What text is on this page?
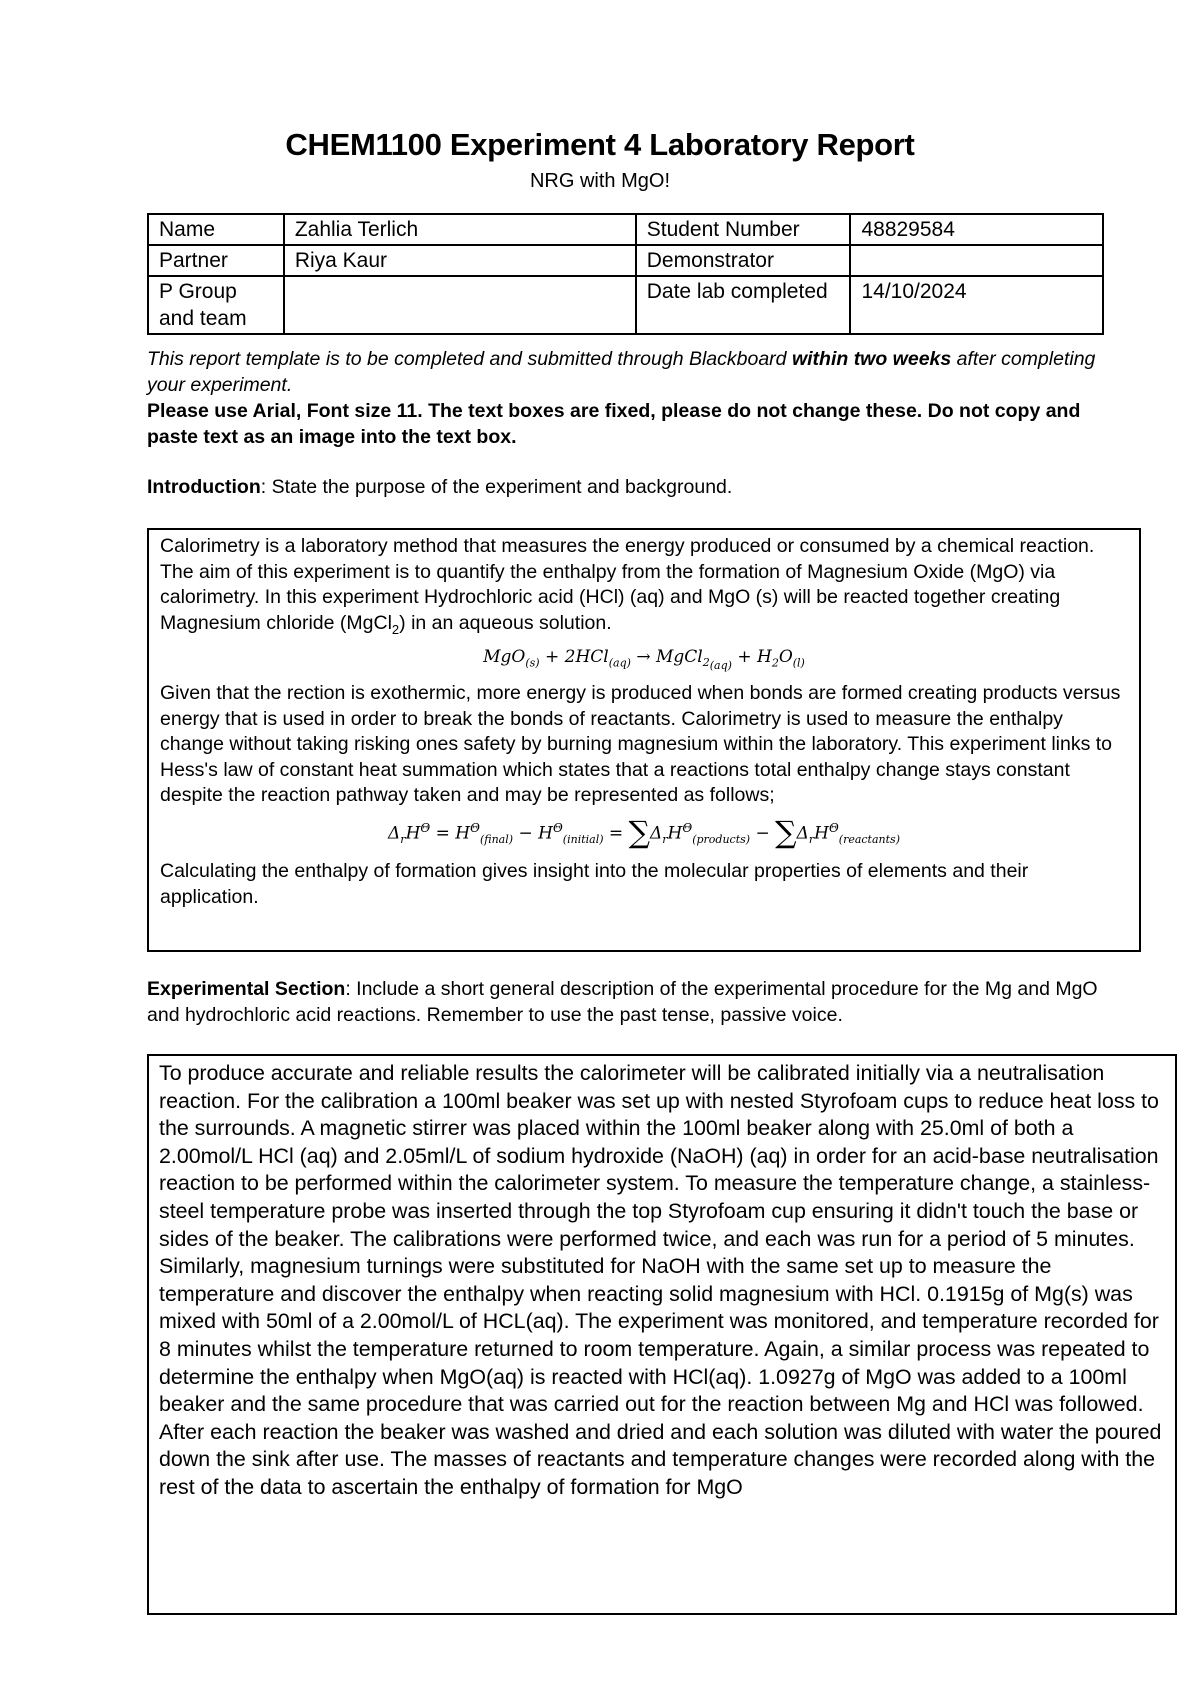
CHEM1100 Experiment 4 Laboratory Report
NRG with MgO!
Name	Zahlia Terlich	Student Number	48829584
Partner	Riya Kaur	Demonstrator	
P Group and team		Date lab completed	14/10/2024

This report template is to be completed and submitted through Blackboard within two weeks after completing your experiment.

Please use Arial, Font size 11. The text boxes are fixed, please do not change these. Do not copy and paste text as an image into the text box.

Introduction: State the purpose of the experiment and background.

Calorimetry is a laboratory method that measures the energy produced or consumed by a chemical reaction. The aim of this experiment is to quantify the enthalpy from the formation of Magnesium Oxide (MgO) via calorimetry. In this experiment Hydrochloric acid (HCl) (aq) and MgO (s) will be reacted together creating Magnesium chloride (MgCl$_2$) in an aqueous solution.

MgO$_{(s)}$ + 2HCl$_{(aq)}$ → MgCl$_{2_{(aq)}}$ + $H_2O_{(l)}$

Given that the rection is exothermic, more energy is produced when bonds are formed creating products versus energy that is used in order to break the bonds of reactants. Calorimetry is used to measure the enthalpy change without taking risking ones safety by burning magnesium within the laboratory. This experiment links to Hess's law of constant heat summation which states that a reactions total enthalpy change stays constant despite the reaction pathway taken and may be represented as follows;

$\Delta_rH^\Theta = H^\Theta_{(final)} - H^\Theta_{(initial)} = \sum\Delta_rH^\Theta_{(products)} - \sum\Delta_rH^\Theta_{(reactants)}$

Calculating the enthalpy of formation gives insight into the molecular properties of elements and their application.

Experimental Section: Include a short general description of the experimental procedure for the Mg and MgO and hydrochloric acid reactions. Remember to use the past tense, passive voice.

To produce accurate and reliable results the calorimeter will be calibrated initially via a neutralisation reaction. For the calibration a 100ml beaker was set up with nested Styrofoam cups to reduce heat loss to the surrounds. A magnetic stirrer was placed within the 100ml beaker along with 25.0ml of both a 2.00mol/L HCl (aq) and 2.05ml/L of sodium hydroxide (NaOH) (aq) in order for an acid-base neutralisation reaction to be performed within the calorimeter system. To measure the temperature change, a stainless-steel temperature probe was inserted through the top Styrofoam cup ensuring it didn't touch the base or sides of the beaker. The calibrations were performed twice, and each was run for a period of 5 minutes. Similarly, magnesium turnings were substituted for NaOH with the same set up to measure the temperature and discover the enthalpy when reacting solid magnesium with HCl. 0.1915g of Mg(s) was mixed with 50ml of a 2.00mol/L of HCL(aq). The experiment was monitored, and temperature recorded for 8 minutes whilst the temperature returned to room temperature. Again, a similar process was repeated to determine the enthalpy when MgO(aq) is reacted with HCl(aq). 1.0927g of MgO was added to a 100ml beaker and the same procedure that was carried out for the reaction between Mg and HCl was followed. After each reaction the beaker was washed and dried and each solution was diluted with water the poured down the sink after use. The masses of reactants and temperature changes were recorded along with the rest of the data to ascertain the enthalpy of formation for MgO
